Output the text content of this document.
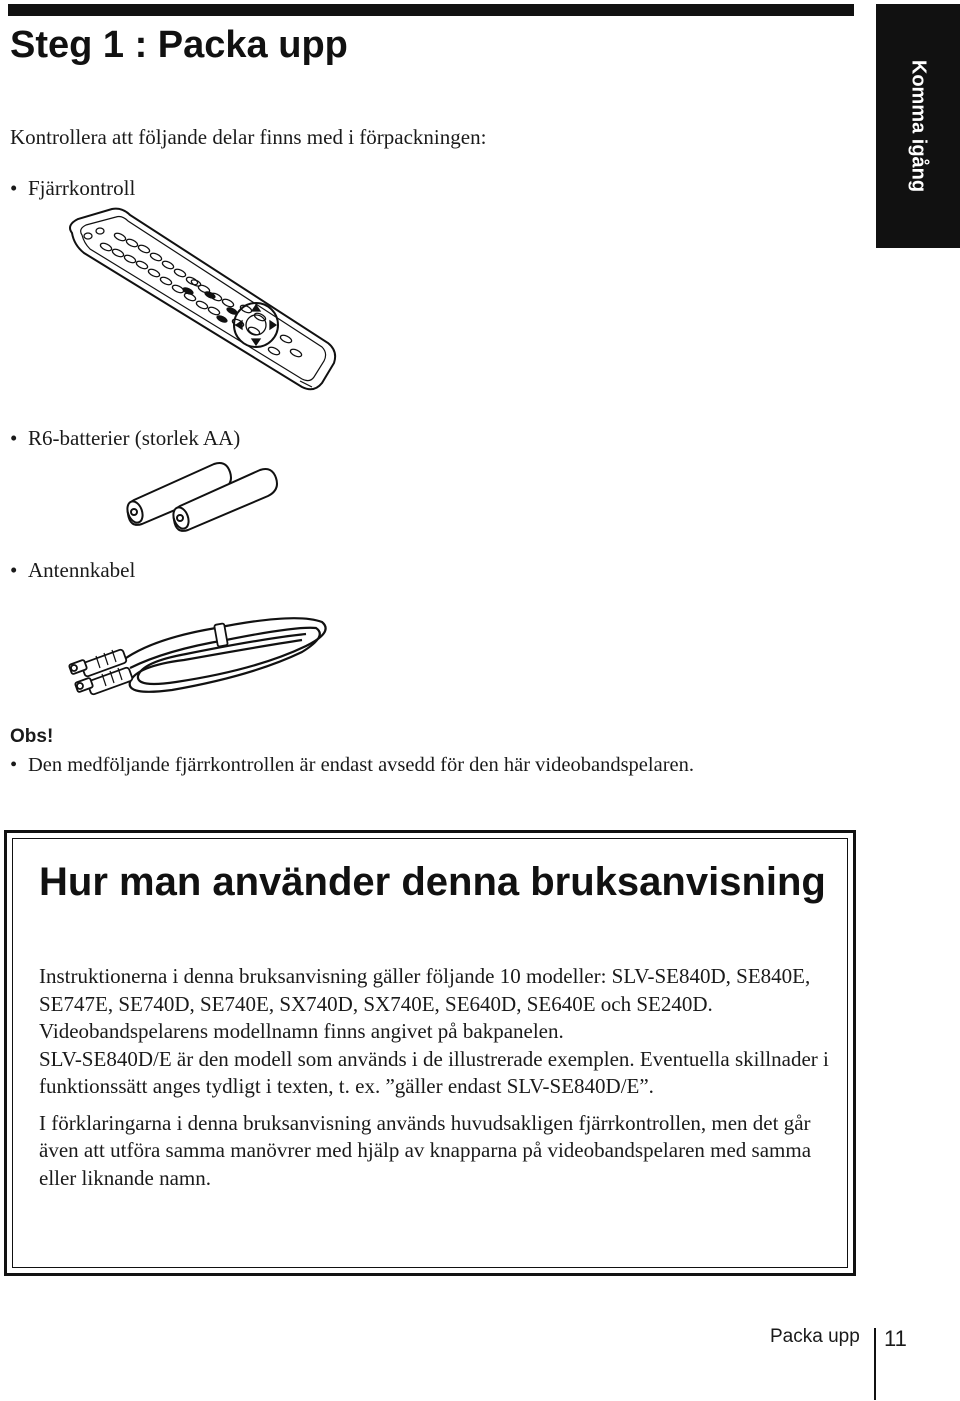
Komma igång
Steg 1 : Packa upp
Kontrollera att följande delar finns med i förpackningen:
• Fjärrkontroll
• R6-batterier (storlek AA)
• Antennkabel
Obs!
• Den medföljande fjärrkontrollen är endast avsedd för den här videobandspelaren.
Hur man använder denna bruksanvisning

Instruktionerna i denna bruksanvisning gäller följande 10 modeller: SLV-SE840D, SE840E, SE747E, SE740D, SE740E, SX740D, SX740E, SE640D, SE640E och SE240D. Videobandspelarens modellnamn finns angivet på bakpanelen.
SLV-SE840D/E är den modell som används i de illustrerade exemplen. Eventuella skillnader i funktionssätt anges tydligt i texten, t. ex. ”gäller endast SLV-SE840D/E”.

I förklaringarna i denna bruksanvisning används huvudsakligen fjärrkontrollen, men det går även att utföra samma manövrer med hjälp av knapparna på videobandspelaren med samma eller liknande namn.

Packa upp 11
